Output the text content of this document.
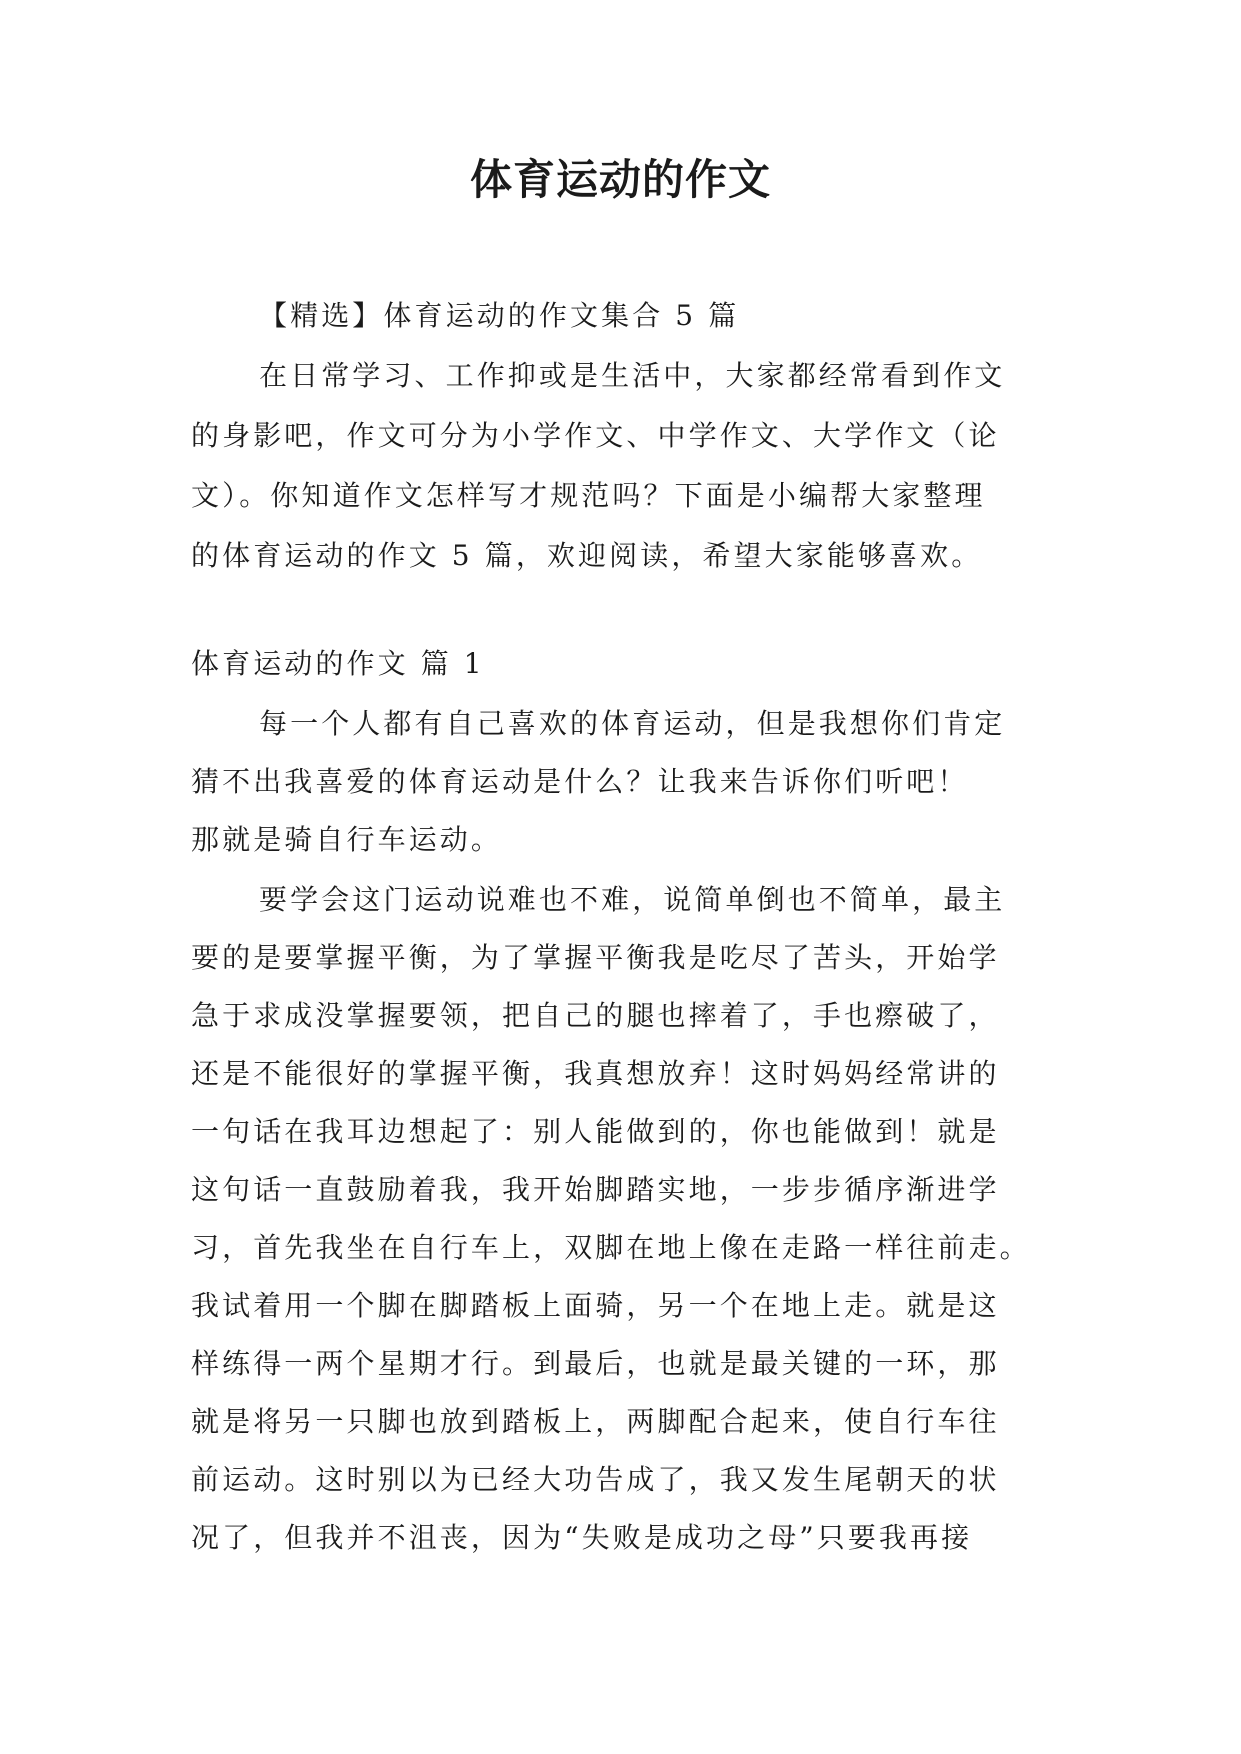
体育运动的作文
【精选】体育运动的作文集合 5 篇
在日常学习、工作抑或是生活中，大家都经常看到作文
的身影吧，作文可分为小学作文、中学作文、大学作文（论
文）。你知道作文怎样写才规范吗？下面是小编帮大家整理
的体育运动的作文 5 篇，欢迎阅读，希望大家能够喜欢。
体育运动的作文 篇 1
每一个人都有自己喜欢的体育运动，但是我想你们肯定
猜不出我喜爱的体育运动是什么？让我来告诉你们听吧！
那就是骑自行车运动。
要学会这门运动说难也不难，说简单倒也不简单，最主
要的是要掌握平衡，为了掌握平衡我是吃尽了苦头，开始学
急于求成没掌握要领，把自己的腿也摔着了，手也瘵破了，
还是不能很好的掌握平衡，我真想放弃！这时妈妈经常讲的
一句话在我耳边想起了：别人能做到的，你也能做到！就是
这句话一直鼓励着我，我开始脚踏实地，一步步循序渐进学
习，首先我坐在自行车上，双脚在地上像在走路一样往前走。
我试着用一个脚在脚踏板上面骑，另一个在地上走。就是这
样练得一两个星期才行。到最后，也就是最关键的一环，那
就是将另一只脚也放到踏板上，两脚配合起来，使自行车往
前运动。这时别以为已经大功告成了，我又发生尾朝天的状
况了，但我并不沮丧，因为“失败是成功之母”只要我再接
